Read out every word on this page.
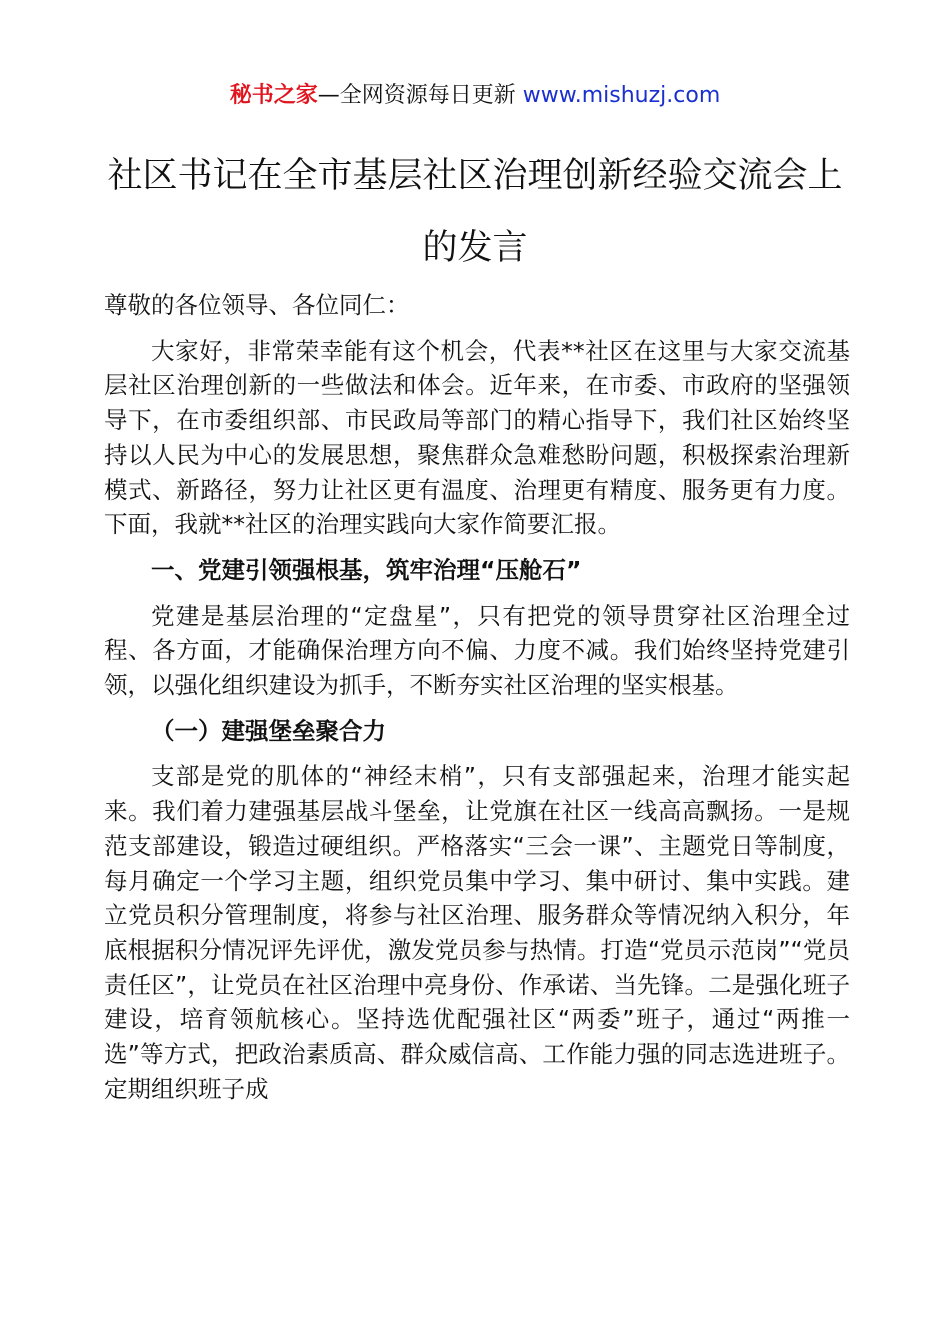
秘书之家—全网资源每日更新 www.mishuzj.com
社区书记在全市基层社区治理创新经验交流会上的发言

尊敬的各位领导、各位同仁：

大家好，非常荣幸能有这个机会，代表**社区在这里与大家交流基层社区治理创新的一些做法和体会。近年来，在市委、市政府的坚强领导下，在市委组织部、市民政局等部门的精心指导下，我们社区始终坚持以人民为中心的发展思想，聚焦群众急难愁盼问题，积极探索治理新模式、新路径，努力让社区更有温度、治理更有精度、服务更有力度。下面，我就**社区的治理实践向大家作简要汇报。

一、党建引领强根基，筑牢治理“压舱石”

党建是基层治理的“定盘星”，只有把党的领导贯穿社区治理全过程、各方面，才能确保治理方向不偏、力度不减。我们始终坚持党建引领，以强化组织建设为抓手，不断夯实社区治理的坚实根基。

（一）建强堡垒聚合力

支部是党的肌体的“神经末梢”，只有支部强起来，治理才能实起来。我们着力建强基层战斗堡垒，让党旗在社区一线高高飘扬。一是规范支部建设，锻造过硬组织。严格落实“三会一课”、主题党日等制度，每月确定一个学习主题，组织党员集中学习、集中研讨、集中实践。建立党员积分管理制度，将参与社区治理、服务群众等情况纳入积分，年底根据积分情况评先评优，激发党员参与热情。打造“党员示范岗”“党员责任区”，让党员在社区治理中亮身份、作承诺、当先锋。二是强化班子建设，培育领航核心。坚持选优配强社区“两委”班子，通过“两推一选”等方式，把政治素质高、群众威信高、工作能力强的同志选进班子。定期组织班子成
